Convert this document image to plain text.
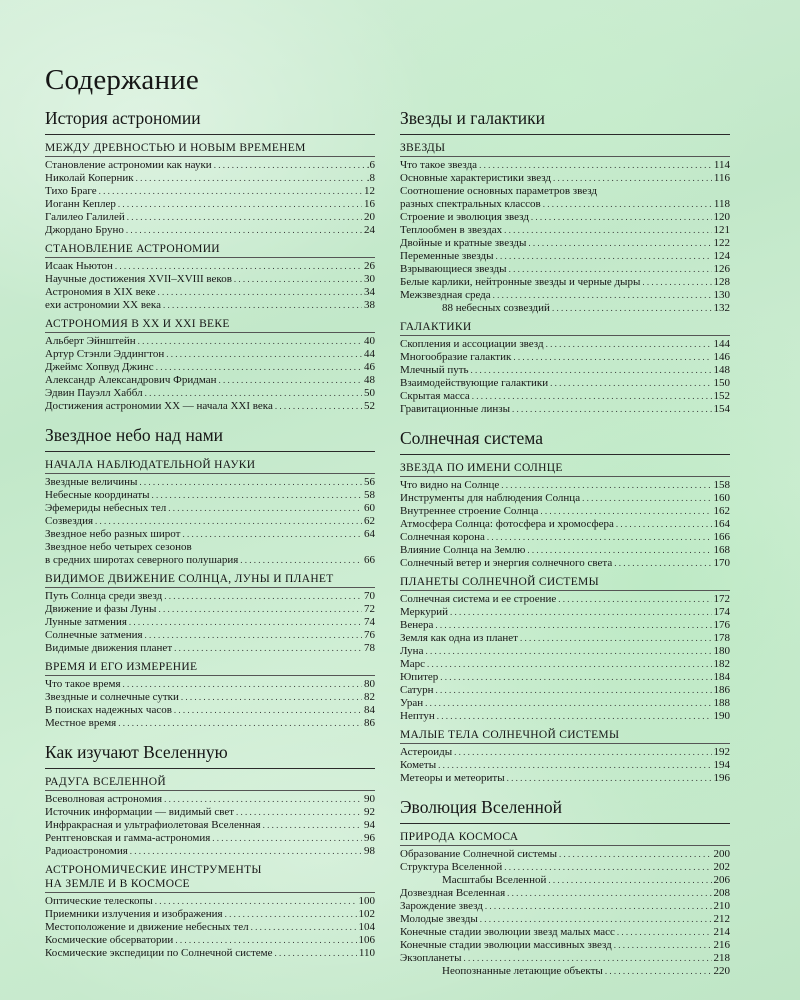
Содержание
История астрономии
МЕЖДУ ДРЕВНОСТЬЮ И НОВЫМ ВРЕМЕНЕМ
Становление астрономии как науки . . .	.6
Николай Коперник . . .	.8
Тихо Браге . . .	12
Иоганн Кеплер . . .	16
Галилео Галилей . . .	20
Джордано Бруно . . .	24
СТАНОВЛЕНИЕ АСТРОНОМИИ
Исаак Ньютон . . .	26
Научные достижения XVII–XVIII веков . . .	30
Астрономия в XIX веке . . .	34
ехи астрономии XX века . . .	38
АСТРОНОМИЯ В XX И XXI ВЕКЕ
Альберт Эйнштейн . . .	40
Артур Стэнли Эддингтон . . .	44
Джеймс Хопвуд Джинс . . .	46
Александр Александрович Фридман . . .	48
Эдвин Пауэлл Хаббл . . .	50
Достижения астрономии XX — начала XXI века . . .	52
Звездное небо над нами
НАЧАЛА НАБЛЮДАТЕЛЬНОЙ НАУКИ
Звездные величины . . .	56
Небесные координаты . . .	58
Эфемериды небесных тел . . .	60
Созвездия . . .	62
Звездное небо разных широт . . .	64
Звездное небо четырех сезонов
в средних широтах северного полушария . . .	66
ВИДИМОЕ ДВИЖЕНИЕ СОЛНЦА, ЛУНЫ И ПЛАНЕТ
Путь Солнца среди звезд . . .	70
Движение и фазы Луны . . .	72
Лунные затмения . . .	74
Солнечные затмения . . .	76
Видимые движения планет . . .	78
ВРЕМЯ И ЕГО ИЗМЕРЕНИЕ
Что такое время . . .	80
Звездные и солнечные сутки . . .	82
В поисках надежных часов . . .	84
Местное время . . .	86
Как изучают Вселенную
РАДУГА ВСЕЛЕННОЙ
Всеволновая астрономия . . .	90
Источник информации — видимый свет . . .	92
Инфракрасная и ультрафиолетовая Вселенная . . .	94
Рентгеновская и гамма-астрономия . . .	96
Радиоастрономия . . .	98
АСТРОНОМИЧЕСКИЕ ИНСТРУМЕНТЫ
НА ЗЕМЛЕ И В КОСМОСЕ
Оптические телескопы . . .	100
Приемники излучения и изображения . . .	102
Местоположение и движение небесных тел . . .	104
Космические обсерватории . . .	106
Космические экспедиции по Солнечной системе . . .	110
Звезды и галактики
ЗВЕЗДЫ
Что такое звезда . . .	114
Основные характеристики звезд . . .	116
Соотношение основных параметров звезд
разных спектральных классов . . .	118
Строение и эволюция звезд . . .	120
Теплообмен в звездах . . .	121
Двойные и кратные звезды . . .	122
Переменные звезды . . .	124
Взрывающиеся звезды . . .	126
Белые карлики, нейтронные звезды и черные дыры . . .	128
Межзвездная среда . . .	130
88 небесных созвездий . . .	132
ГАЛАКТИКИ
Скопления и ассоциации звезд . . .	144
Многообразие галактик . . .	146
Млечный путь . . .	148
Взаимодействующие галактики . . .	150
Скрытая масса . . .	152
Гравитационные линзы . . .	154
Солнечная система
ЗВЕЗДА ПО ИМЕНИ СОЛНЦЕ
Что видно на Солнце . . .	158
Инструменты для наблюдения Солнца . . .	160
Внутреннее строение Солнца . . .	162
Атмосфера Солнца: фотосфера и хромосфера . . .	164
Солнечная корона . . .	166
Влияние Солнца на Землю . . .	168
Солнечный ветер и энергия солнечного света . . .	170
ПЛАНЕТЫ СОЛНЕЧНОЙ СИСТЕМЫ
Солнечная система и ее строение . . .	172
Меркурий . . .	174
Венера . . .	176
Земля как одна из планет . . .	178
Луна . . .	180
Марс . . .	182
Юпитер . . .	184
Сатурн . . .	186
Уран . . .	188
Нептун . . .	190
МАЛЫЕ ТЕЛА СОЛНЕЧНОЙ СИСТЕМЫ
Астероиды . . .	192
Кометы . . .	194
Метеоры и метеориты . . .	196
Эволюция Вселенной
ПРИРОДА КОСМОСА
Образование Солнечной системы . . .	200
Структура Вселенной . . .	202
Масштабы Вселенной . . .	206
Дозвездная Вселенная . . .	208
Зарождение звезд . . .	210
Молодые звезды . . .	212
Конечные стадии эволюции звезд малых масс . . .	214
Конечные стадии эволюции массивных звезд . . .	216
Экзопланеты . . .	218
Неопознанные летающие объекты . . .	220
